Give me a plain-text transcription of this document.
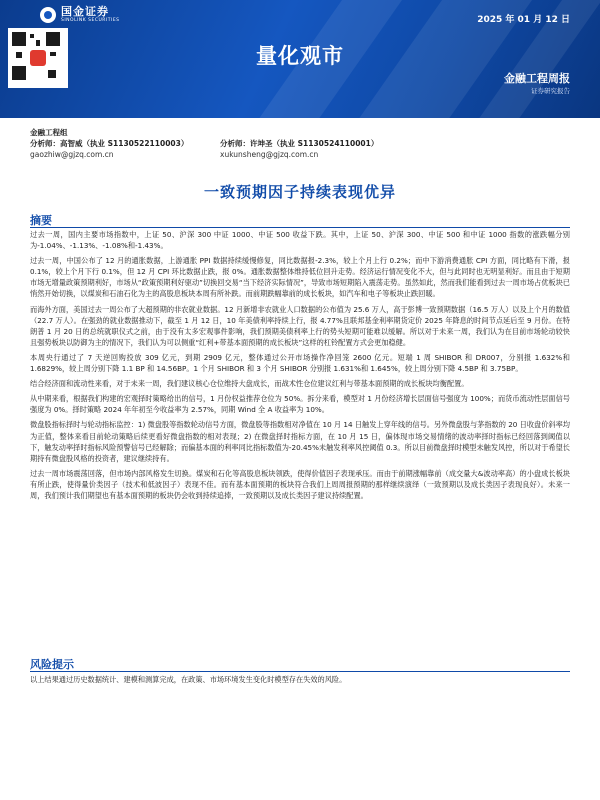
国金证券
SINOLINK SECURITIES	2025 年 01 月 12 日
量化观市
金融工程周报
证券研究报告
金融工程组
分析师：高智威（执业 S1130522110003）
gaozhiw@gjzq.com.cn
分析师：许坤圣（执业 S1130524110001）
xukunsheng@gjzq.com.cn
一致预期因子持续表现优异
摘要

过去一周，国内主要市场指数中，上证 50、沪深 300 中证 1000、中证 500 收益下跌。其中，上证 50、沪深 300、中证 500 和中证 1000 指数的涨跌幅分别为-1.04%、-1.13%、-1.08%和-1.43%。

过去一周，中国公布了 12 月的通胀数据，上游通胀 PPI 数据持续缓慢修复，同比数据报-2.3%，较上个月上行 0.2%；而中下游消费通胀 CPI 方面，同比略有下滑，报 0.1%，较上个月下行 0.1%，但 12 月 CPI 环比数据止跌，报 0%。通胀数据整体维持低位回升走势。经济运行情况变化不大，但与此同时也无明显利好。而且由于短期市场无增量政策预期利好，市场从“政策预期利好驱动”切换回交易“当下经济实际情况”，导致市场短期陷入震荡走势。虽然如此，然而我们能看到过去一周市场占优板块已悄然开始切换，以煤炭和石油石化为主的高股息板块本周有所补跌。而前期跌幅靠前的成长板块，如汽车和电子等板块止跌回暖。

而海外方面，美国过去一周公布了大超预期的非农就业数据。12 月新增非农就业人口数据的公布值为 25.6 万人，高于彭博一致预期数据（16.5 万人）以及上个月的数值（22.7 万人）。在强劲的就业数据推动下，截至 1 月 12 日，10 年美债利率持续上行，报 4.77%且联邦基金利率期货定价 2025 年降息的时间节点延后至 9 月份。在特朗普 1 月 20 日的总统就职仪式之前，由于没有太多宏观事件影响，我们预期美债利率上行的势头短期可能难以缓解。所以对于未来一周，我们认为在目前市场轮动较快且强势板块以防御为主的情况下，我们认为可以侧重“红利+带基本面预期的成长板块”这样的杠铃配置方式会更加稳健。

本周央行通过了 7 天逆回购投放 309 亿元，到期 2909 亿元，整体通过公开市场操作净回笼 2600 亿元。短端 1 周 SHIBOR 和 DR007，分别报 1.632%和 1.6829%，较上周分别下降 1.1 BP 和 14.56BP。1 个月 SHIBOR 和 3 个月 SHIBOR 分别报 1.631%和 1.645%，较上周分别下降 4.5BP 和 3.75BP。

结合经济面和流动性来看，对于未来一周，我们建议核心仓位维持大盘成长，而战术性仓位建议红利与带基本面预期的成长板块均衡配置。

从中期来看，根据我们构建的宏观择时策略给出的信号，1 月份权益推荐仓位为 50%。拆分来看，模型对 1 月份经济增长层面信号强度为 100%；而货币流动性层面信号强度为 0%。择时策略 2024 年年初至今收益率为 2.57%，同期 Wind 全 A 收益率为 10%。

微盘股指标择时与轮动指标监控：1) 微盘股等指数轮动信号方面，微盘股等指数相对净值在 10 月 14 日触发上穿年线的信号。另外微盘股与茅指数的 20 日收盘价斜率均为正值，整体来看目前轮动策略后续更看好微盘指数的相对表现；2) 在微盘择时指标方面，在 10 月 15 日，偏体现市场交易情绪的波动率择时指标已经回落到阈值以下，触发动率择时指标风险预警信号已经解除；而偏基本面的利率同比指标数值为-20.45%未触发利率风控阈值 0.3。所以目前微盘择时模型未触发风控，所以对于希望长期持有微盘股风格的投资者，建议继续持有。

过去一周市场震荡回落，但市场内部风格发生切换。煤炭和石化等高股息板块领跌，使得价值因子表现承压。而由于前期涨幅靠前（成交量大&波动率高）的小盘成长板块有所止跌，使得量价类因子（技术和低波因子）表现不佳。而有基本面预期的板块符合我们上周周报预期的那样继续演绎（一致预期以及成长类因子表现良好）。未来一周，我们预计我们期望也有基本面预期的板块仍会收到持续追捧，一致预期以及成长类因子建议持续配置。

风险提示

以上结果通过历史数据统计、建模和测算完成，在政策、市场环境发生变化时模型存在失效的风险。
